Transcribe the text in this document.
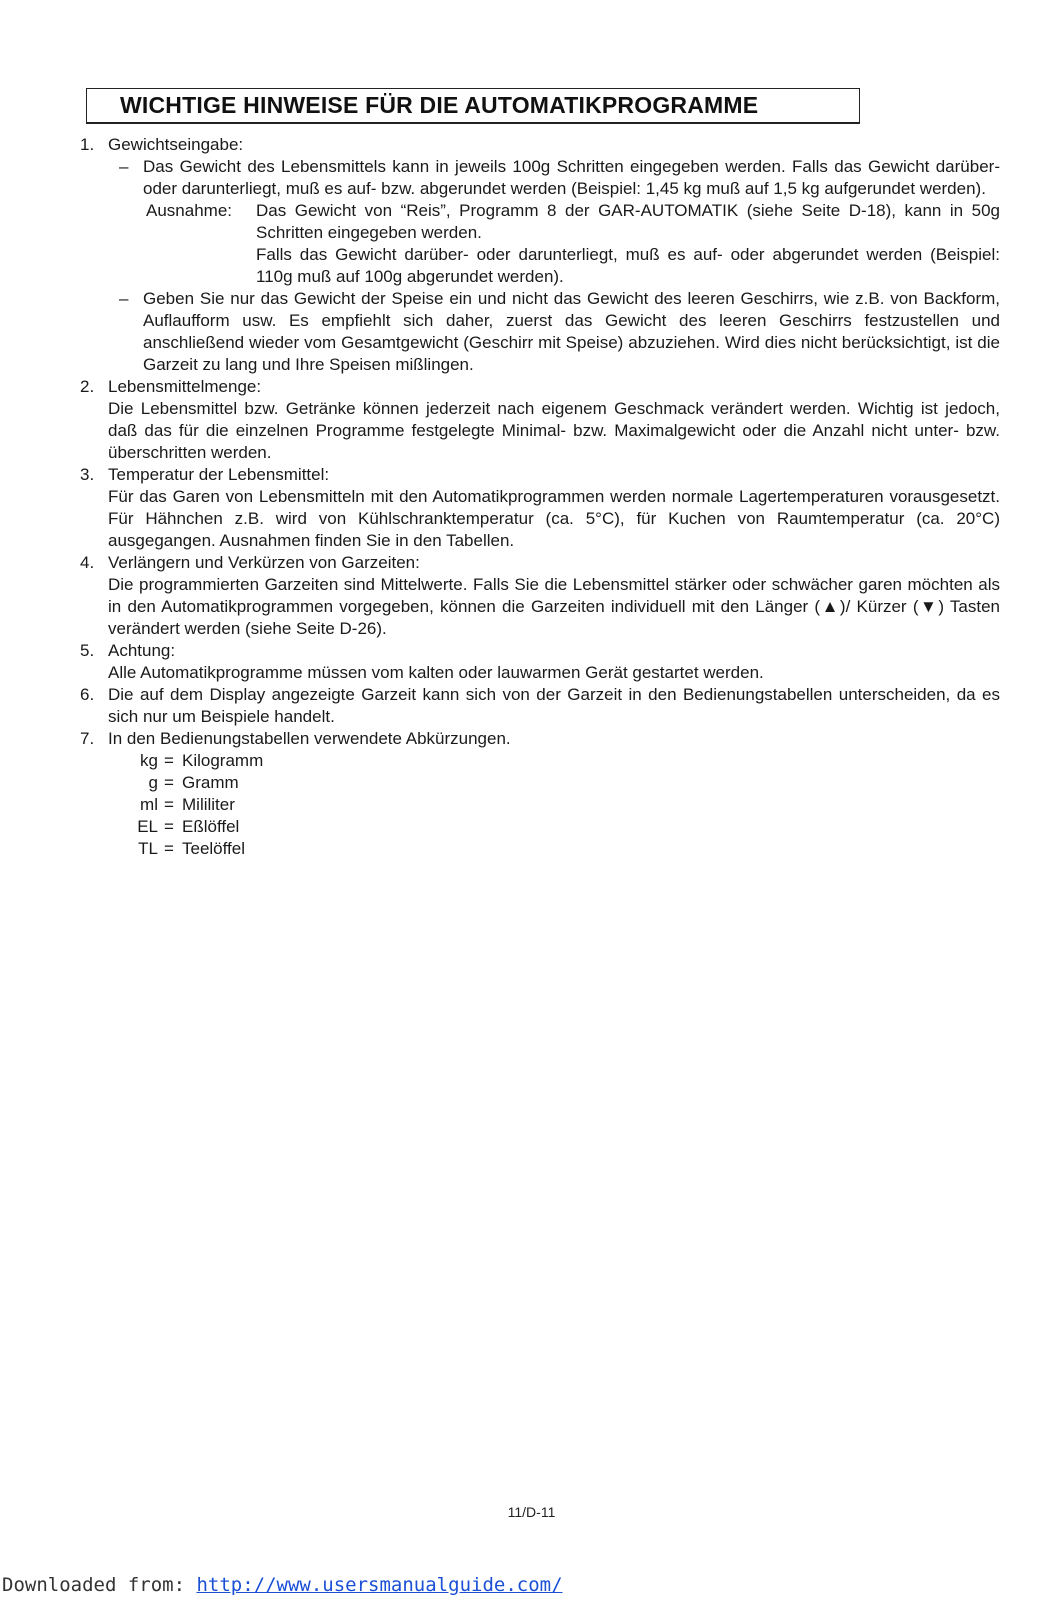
WICHTIGE HINWEISE FÜR DIE AUTOMATIKPROGRAMME
1. Gewichtseingabe:
– Das Gewicht des Lebensmittels kann in jeweils 100g Schritten eingegeben werden. Falls das Gewicht darüber- oder darunterliegt, muß es auf- bzw. abgerundet werden (Beispiel: 1,45 kg muß auf 1,5 kg aufgerundet werden).
Ausnahme: Das Gewicht von “Reis”, Programm 8 der GAR-AUTOMATIK (siehe Seite D-18), kann in 50g Schritten eingegeben werden.
Falls das Gewicht darüber- oder darunterliegt, muß es auf- oder abgerundet werden (Beispiel: 110g muß auf 100g abgerundet werden).
– Geben Sie nur das Gewicht der Speise ein und nicht das Gewicht des leeren Geschirrs, wie z.B. von Backform, Auflaufform usw. Es empfiehlt sich daher, zuerst das Gewicht des leeren Geschirrs festzustellen und anschließend wieder vom Gesamtgewicht (Geschirr mit Speise) abzuziehen. Wird dies nicht berücksichtigt, ist die Garzeit zu lang und Ihre Speisen mißlingen.
2. Lebensmittelmenge:
Die Lebensmittel bzw. Getränke können jederzeit nach eigenem Geschmack verändert werden. Wichtig ist jedoch, daß das für die einzelnen Programme festgelegte Minimal- bzw. Maximalgewicht oder die Anzahl nicht unter- bzw. überschritten werden.
3. Temperatur der Lebensmittel:
Für das Garen von Lebensmitteln mit den Automatikprogrammen werden normale Lagertemperaturen vorausgesetzt. Für Hähnchen z.B. wird von Kühlschranktemperatur (ca. 5°C), für Kuchen von Raumtemperatur (ca. 20°C) ausgegangen. Ausnahmen finden Sie in den Tabellen.
4. Verlängern und Verkürzen von Garzeiten:
Die programmierten Garzeiten sind Mittelwerte. Falls Sie die Lebensmittel stärker oder schwächer garen möchten als in den Automatikprogrammen vorgegeben, können die Garzeiten individuell mit den Länger (▲)/ Kürzer (▼) Tasten verändert werden (siehe Seite D-26).
5. Achtung:
Alle Automatikprogramme müssen vom kalten oder lauwarmen Gerät gestartet werden.
6. Die auf dem Display angezeigte Garzeit kann sich von der Garzeit in den Bedienungstabellen unterscheiden, da es sich nur um Beispiele handelt.
7. In den Bedienungstabellen verwendete Abkürzungen.
kg = Kilogramm
g = Gramm
ml = Mililiter
EL = Eßlöffel
TL = Teelöffel
11/D-11
Downloaded from: http://www.usersmanualguide.com/
